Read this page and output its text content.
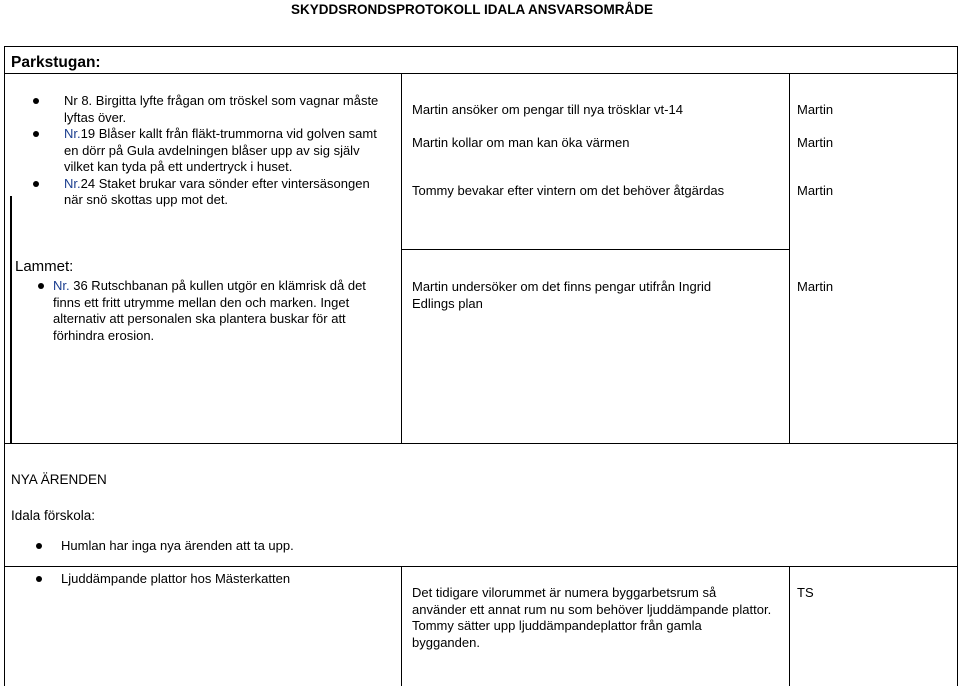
SKYDDSRONDSPROTOKOLL IDALA ANSVARSOMRÅDE
Parkstugan:
Nr 8. Birgitta lyfte frågan om tröskel som vagnar måste lyftas över.
Nr.19 Blåser kallt från fläkt-trummorna vid golven samt en dörr på Gula avdelningen blåser upp av sig själv vilket kan tyda på ett undertryck i huset.
Nr.24 Staket brukar vara sönder efter vintersäsongen när snö skottas upp mot det.
Martin ansöker om pengar till nya trösklar vt-14
Martin kollar om man kan öka värmen
Tommy bevakar efter vintern om det behöver åtgärdas
Martin
Martin
Martin
Lammet:
Nr. 36 Rutschbanan på kullen utgör en klämrisk då det finns ett fritt utrymme mellan den och marken. Inget alternativ att personalen ska plantera buskar för att förhindra erosion.
Martin undersöker om det finns pengar utifrån Ingrid Edlings plan
Martin
NYA ÄRENDEN
Idala förskola:
Humlan har inga nya ärenden att ta upp.
Ljuddämpande plattor hos Mästerkatten
Det tidigare vilorummet är numera byggarbetsrum så använder ett annat rum nu som behöver ljuddämpande plattor. Tommy sätter upp ljuddämpandeplattor från gamla bygganden.
TS
